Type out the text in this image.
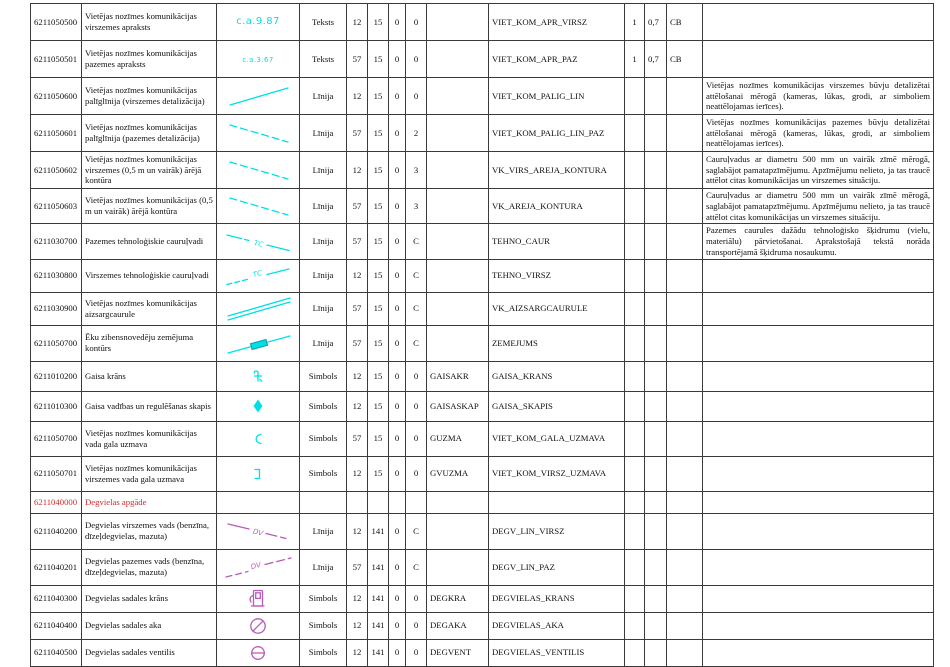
6211050500	Vietējas nozīmes komunikācijas virszemes apraksts	c.a.9.87	Teksts	12	15	0	0		VIET_KOM_APR_VIRSZ	1	0,7	CB	
6211050501	Vietējas nozīmes komunikācijas pazemes apraksts	c.a.3.67	Teksts	57	15	0	0		VIET_KOM_APR_PAZ	1	0,7	CB	
6211050600	Vietējas nozīmes komunikācijas palīglīnija (virszemes detalizācija)		Līnija	12	15	0	0		VIET_KOM_PALIG_LIN				Vietējas nozīmes komunikācijas virszemes būvju detalizētai attēlošanai mērogā (kameras, lūkas, grodi, ar simboliem neattēlojamas ierīces).
6211050601	Vietējas nozīmes komunikācijas palīglīnija (pazemes detalizācija)		Līnija	57	15	0	2		VIET_KOM_PALIG_LIN_PAZ				Vietējas nozīmes komunikācijas pazemes būvju detalizētai attēlošanai mērogā (kameras, lūkas, grodi, ar simboliem neattēlojamas ierīces).
6211050602	Vietējas nozīmes komunikācijas virszemes (0,5 m un vairāk) ārējā kontūra		Līnija	12	15	0	3		VK_VIRS_AREJA_KONTURA				Cauruļvadus ar diametru 500 mm un vairāk zīmē mērogā, saglabājot pamatapzīmējumu. Apzīmējumu nelieto, ja tas traucē attēlot citas komunikācijas un virszemes situāciju.
6211050603	Vietējas nozīmes komunikācijas (0,5 m un vairāk) ārējā kontūra		Līnija	57	15	0	3		VK_AREJA_KONTURA				Cauruļvadus ar diametru 500 mm un vairāk zīmē mērogā, saglabājot pamatapzīmējumu. Apzīmējumu nelieto, ja tas traucē attēlot citas komunikācijas un virszemes situāciju.
6211030700	Pazemes tehnoloģiskie cauruļvadi	TC	Līnija	57	15	0	C		TEHNO_CAUR				Pazemes caurules dažādu tehnoloģisko šķidrumu (vielu, materiālu) pārvietošanai. Aprakstošajā tekstā norāda transportējamā šķidruma nosaukumu.
6211030800	Virszemes tehnoloģiskie cauruļvadi	TC	Līnija	12	15	0	C		TEHNO_VIRSZ				
6211030900	Vietējas nozīmes komunikācijas aizsargcaurule		Līnija	57	15	0	C		VK_AIZSARGCAURULE				
6211050700	Ēku zibensnovedēju zemējuma kontūrs		Līnija	57	15	0	C		ZEMEJUMS				
6211010200	Gaisa krāns		Simbols	12	15	0	0	GAISAKR	GAISA_KRANS				
6211010300	Gaisa vadības un regulēšanas skapis		Simbols	12	15	0	0	GAISASKAP	GAISA_SKAPIS				
6211050700	Vietējas nozīmes komunikācijas vada gala uzmava		Simbols	57	15	0	0	GUZMA	VIET_KOM_GALA_UZMAVA				
6211050701	Vietējas nozīmes komunikācijas virszemes vada gala uzmava		Simbols	12	15	0	0	GVUZMA	VIET_KOM_VIRSZ_UZMAVA				
6211040000	Degvielas apgāde												
6211040200	Degvielas virszemes vads (benzīna, dīzeļdegvielas, mazuta)	DV	Līnija	12	141	0	C		DEGV_LIN_VIRSZ				
6211040201	Degvielas pazemes vads (benzīna, dīzeļdegvielas, mazuta)	DV	Līnija	57	141	0	C		DEGV_LIN_PAZ				
6211040300	Degvielas sadales krāns		Simbols	12	141	0	0	DEGKRA	DEGVIELAS_KRANS				
6211040400	Degvielas sadales aka		Simbols	12	141	0	0	DEGAKA	DEGVIELAS_AKA				
6211040500	Degvielas sadales ventilis		Simbols	12	141	0	0	DEGVENT	DEGVIELAS_VENTILIS				
